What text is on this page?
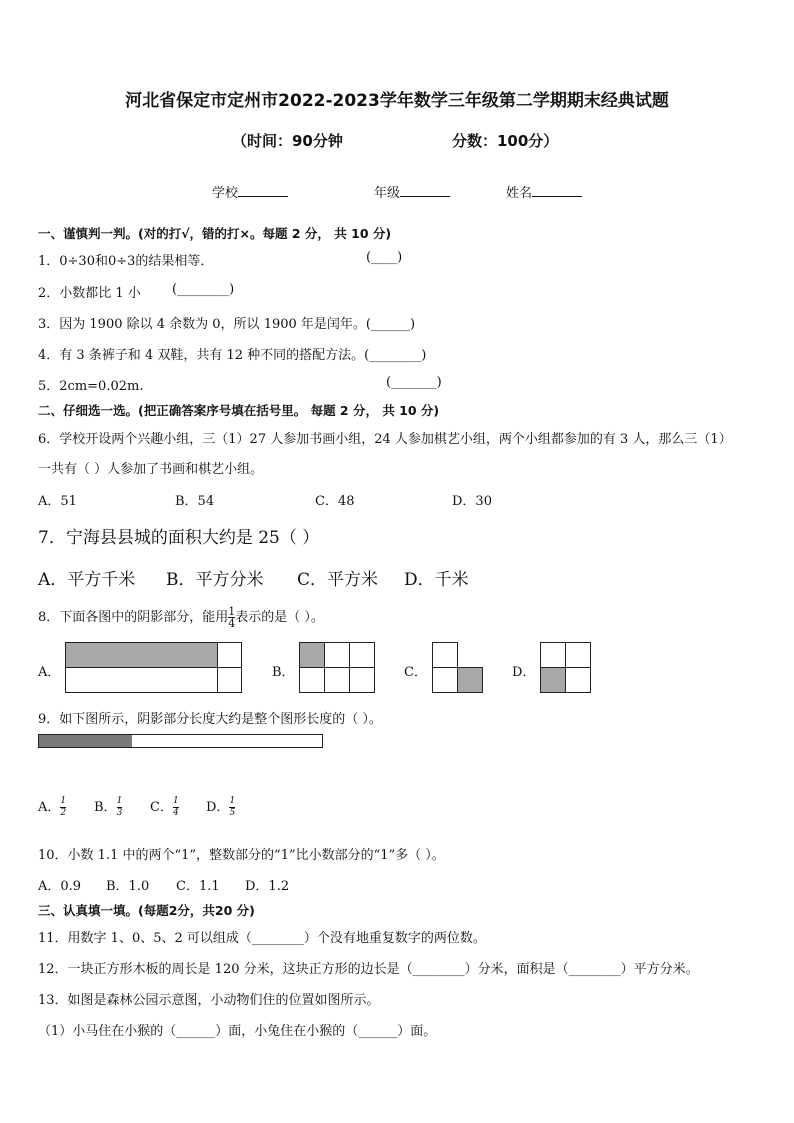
河北省保定市定州市2022-2023学年数学三年级第二学期期末经典试题
（时间：90分钟	分数：100分）
学校	年级	姓名
一、谨慎判一判。(对的打√，错的打×。每题 2 分， 共 10 分)
1．0÷30和0÷3的结果相等．	(____)
2．小数都比 1 小 (________)
3．因为 1900 除以 4 余数为 0，所以 1900 年是闰年。(______)
4．有 3 条裤子和 4 双鞋，共有 12 种不同的搭配方法。(________)
5．2cm=0.02m.	(_______)
二、仔细选一选。(把正确答案序号填在括号里。 每题 2 分， 共 10 分)
6．学校开设两个兴趣小组，三（1）27 人参加书画小组，24 人参加棋艺小组，两个小组都参加的有 3 人，那么三（1）
一共有（ ）人参加了书画和棋艺小组。
A．51	B．54	C．48	D．30
7．宁海县县城的面积大约是 25（ ）
A．平方千米 B．平方分米 C．平方米 D．千米
8．下面各图中的阴影部分，能用 $\frac{1}{4}$ 表示的是（ ）。
A．	B．	C．	D．
9．如下图所示，阴影部分长度大约是整个图形长度的（ ）。
A． $\frac{1}{2}$ B． $\frac{1}{3}$ C． $\frac{1}{4}$ D． $\frac{1}{5}$
10．小数 1.1 中的两个“1”，整数部分的“1”比小数部分的“1”多（ ）。
A．0.9 B．1.0 C．1.1 D．1.2
三、认真填一填。(每题2分，共20 分)
11．用数字 1、0、5、2 可以组成（________）个没有地重复数字的两位数。
12．一块正方形木板的周长是 120 分米，这块正方形的边长是（________）分米，面积是（________）平方分米。
13．如图是森林公园示意图，小动物们住的位置如图所示。
（1）小马住在小猴的（______）面，小兔住在小猴的（______）面。
